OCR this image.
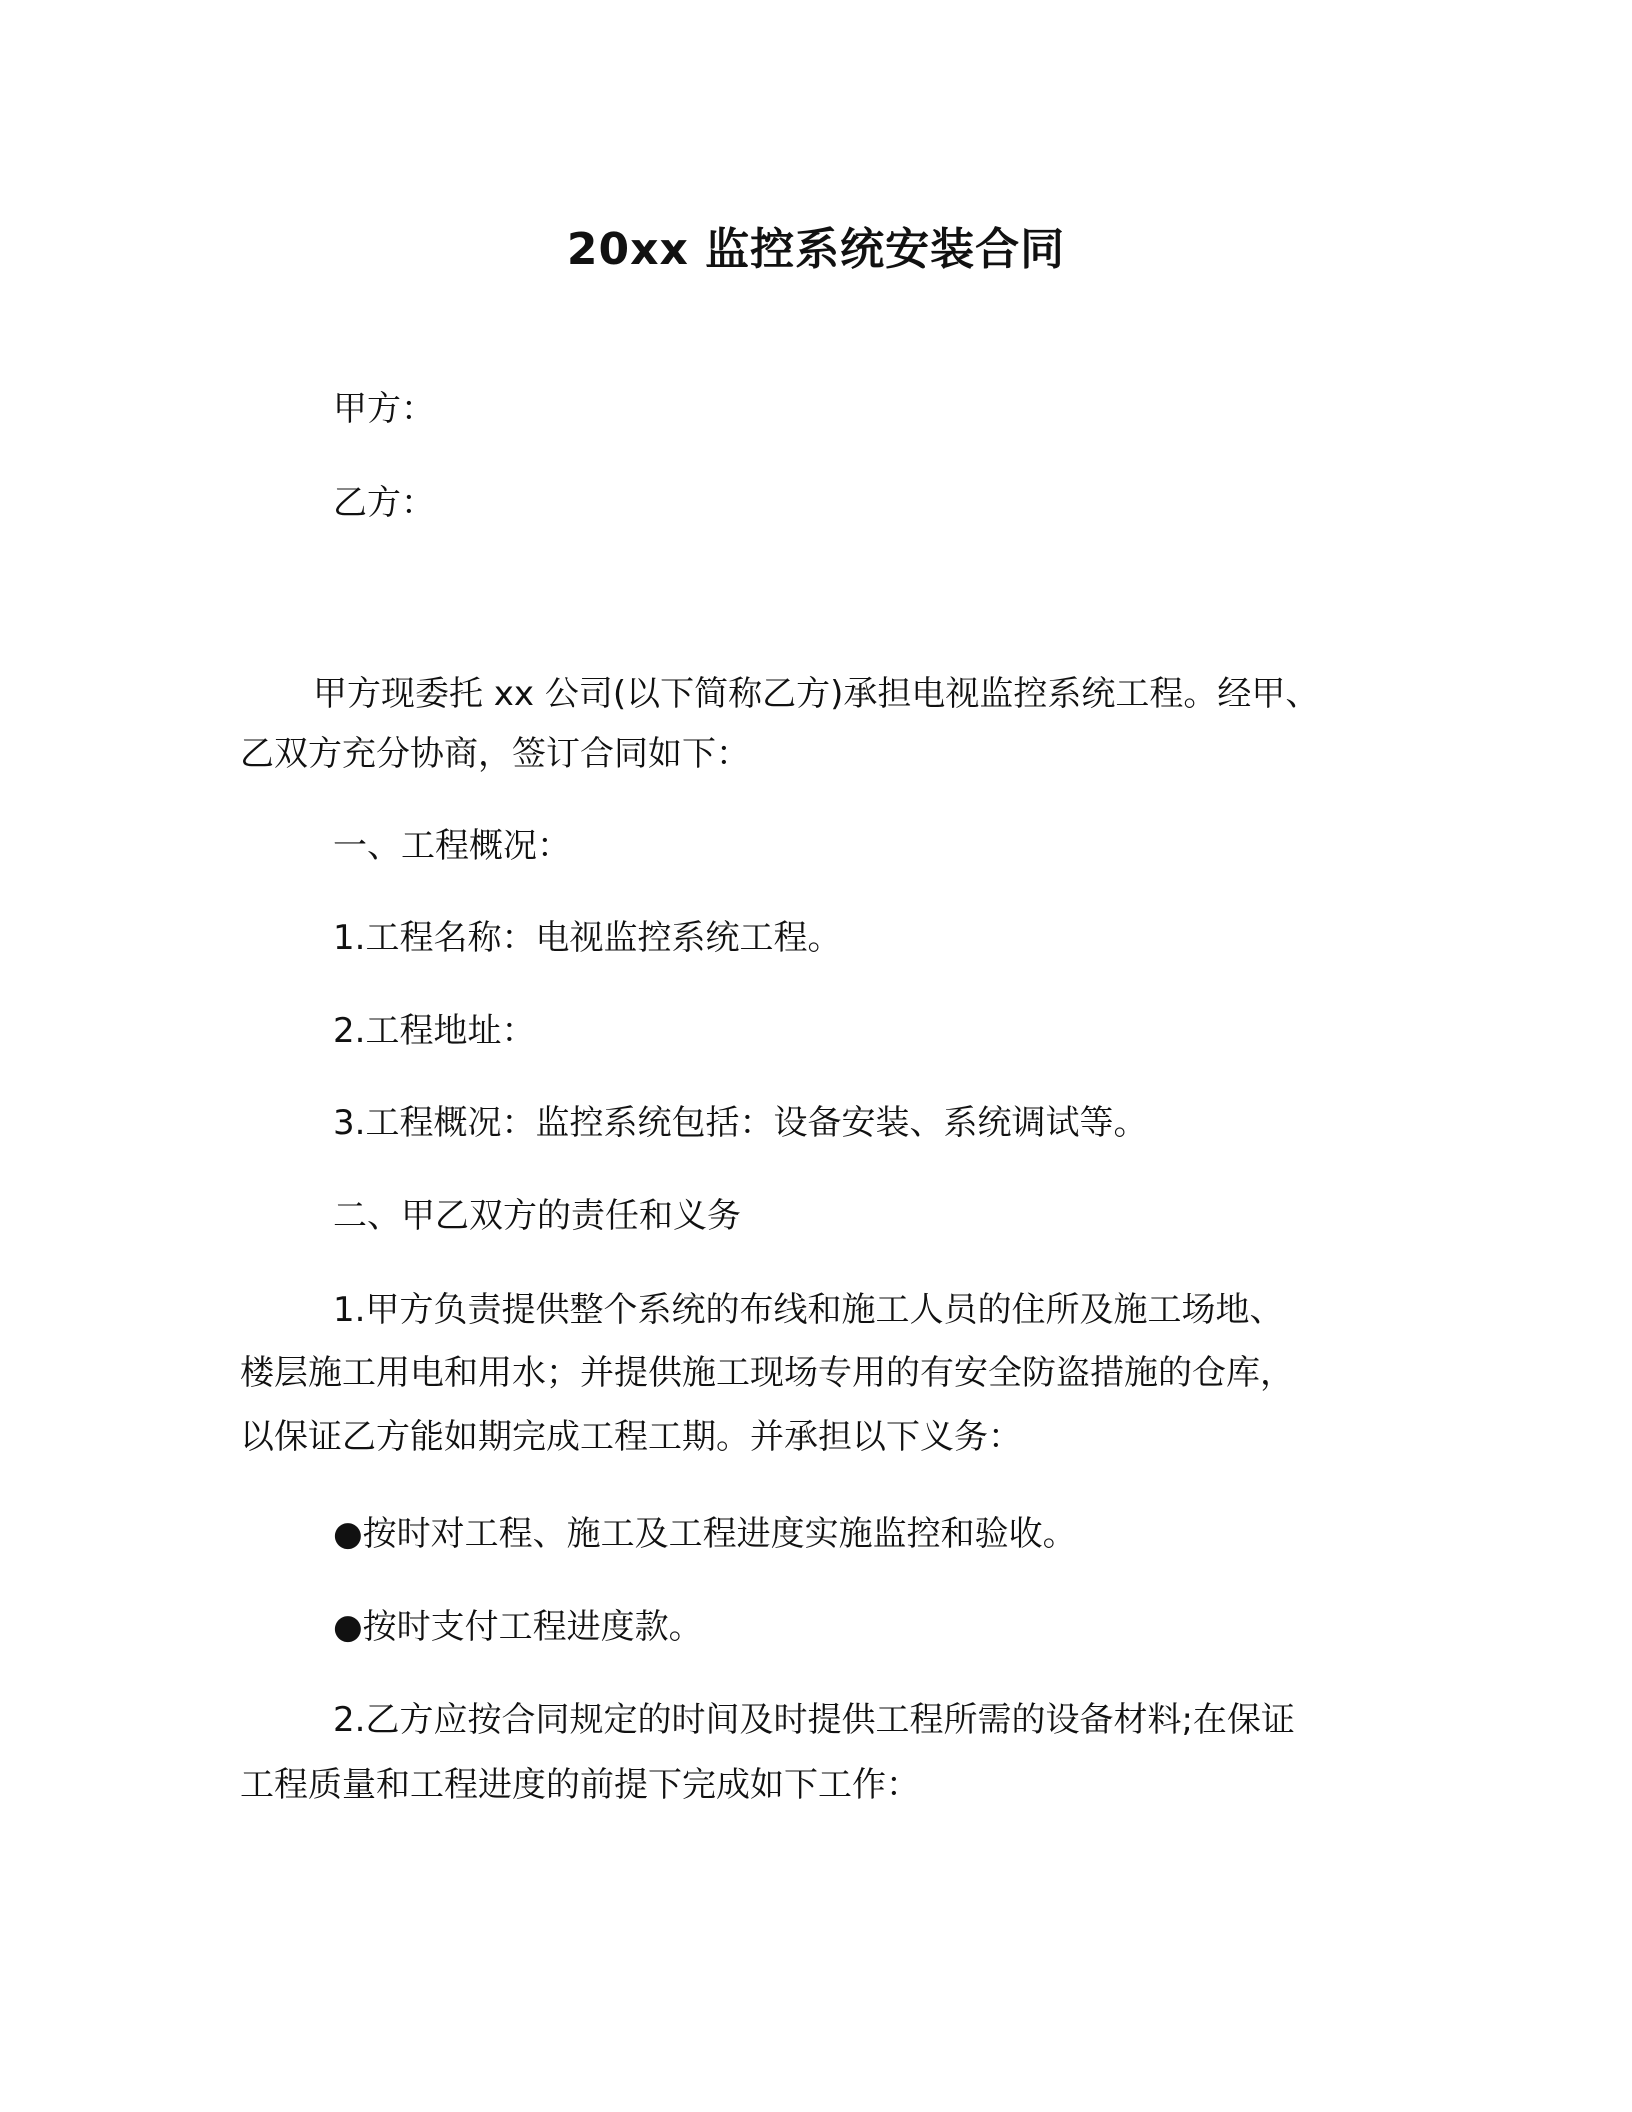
20xx 监控系统安装合同
甲方：
乙方：
甲方现委托 xx 公司(以下简称乙方)承担电视监控系统工程。经甲、
乙双方充分协商，签订合同如下：
一、工程概况：
1.工程名称：电视监控系统工程。
2.工程地址：
3.工程概况：监控系统包括：设备安装、系统调试等。
二、甲乙双方的责任和义务
1.甲方负责提供整个系统的布线和施工人员的住所及施工场地、
楼层施工用电和用水；并提供施工现场专用的有安全防盗措施的仓库，
以保证乙方能如期完成工程工期。并承担以下义务：
●按时对工程、施工及工程进度实施监控和验收。
●按时支付工程进度款。
2.乙方应按合同规定的时间及时提供工程所需的设备材料;在保证
工程质量和工程进度的前提下完成如下工作：
